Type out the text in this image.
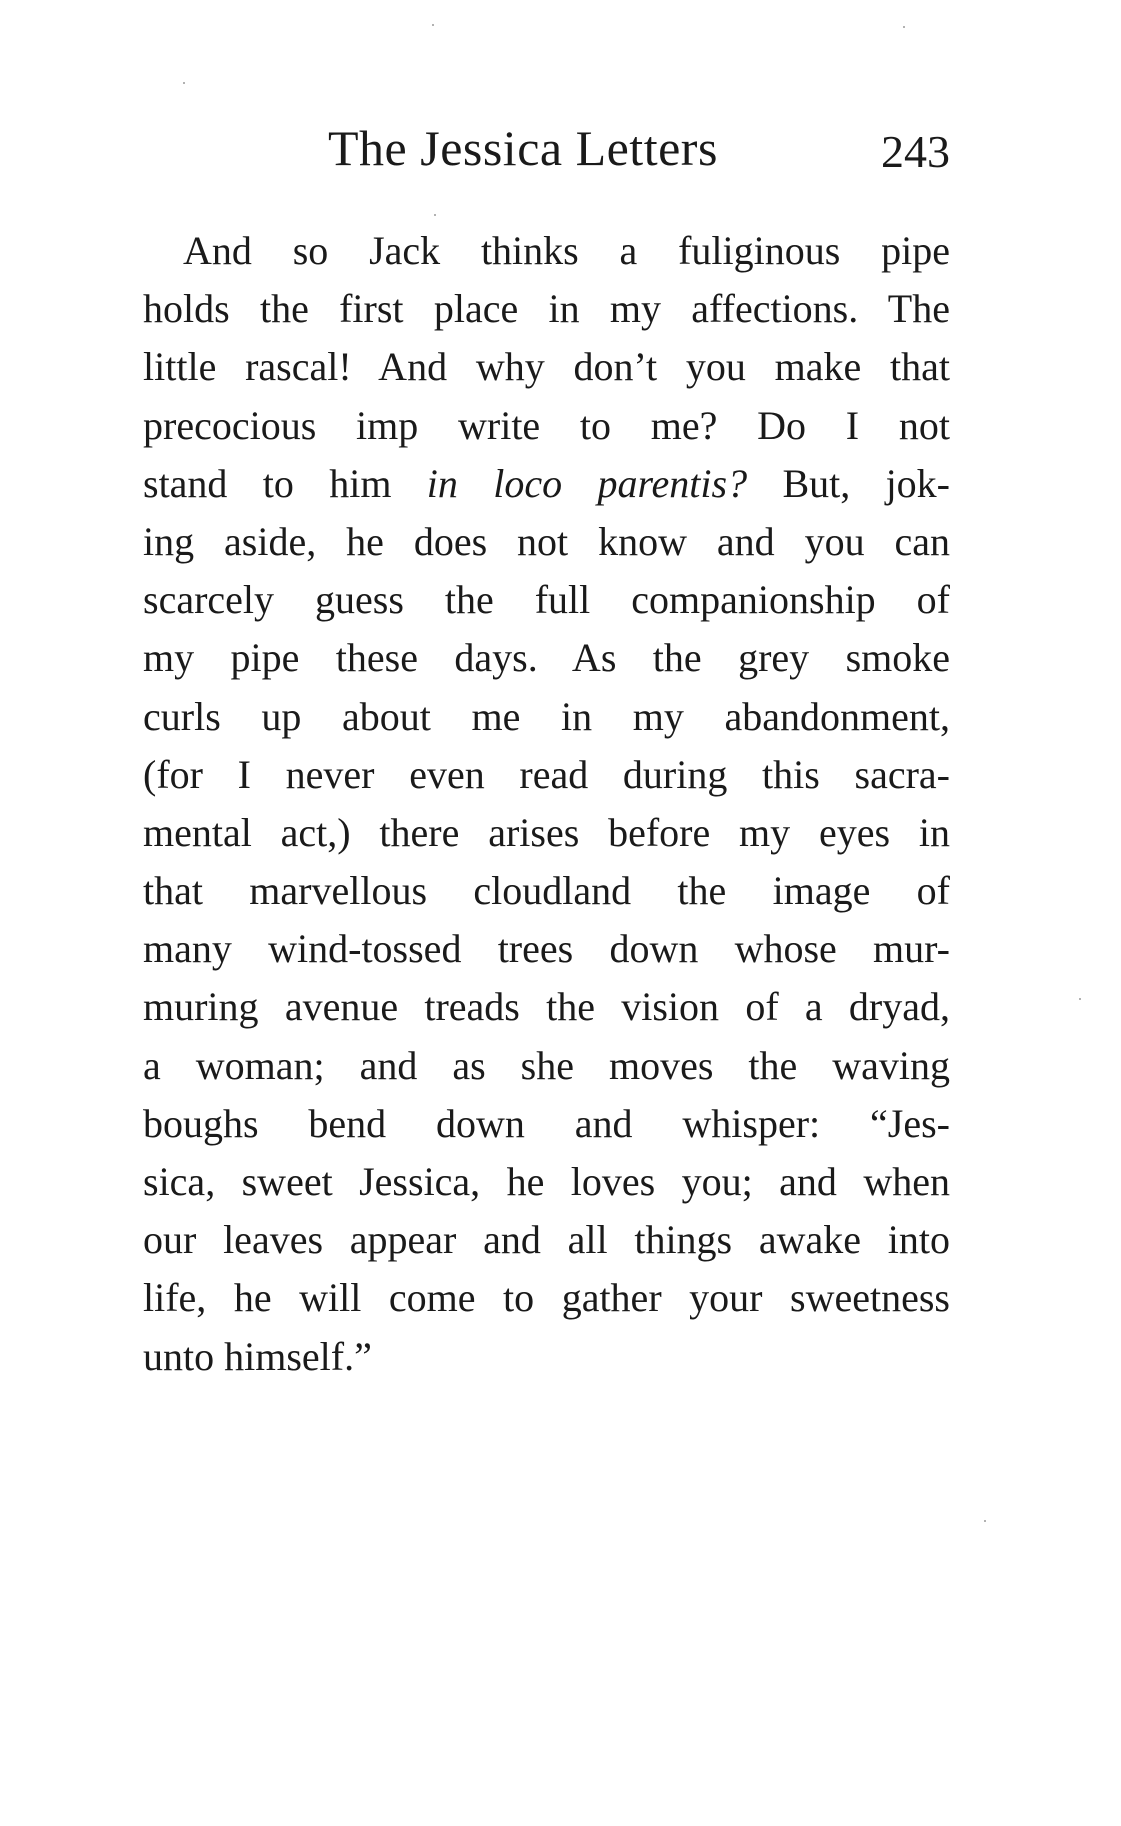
The Jessica Letters	243
And so Jack thinks a fuliginous pipe
holds the first place in my affections. The
little rascal! And why don’t you make that
precocious imp write to me? Do I not
stand to him in loco parentis? But, jok-
ing aside, he does not know and you can
scarcely guess the full companionship of
my pipe these days. As the grey smoke
curls up about me in my abandonment,
(for I never even read during this sacra-
mental act,) there arises before my eyes in
that marvellous cloudland the image of
many wind-tossed trees down whose mur-
muring avenue treads the vision of a dryad,
a woman; and as she moves the waving
boughs bend down and whisper: “Jes-
sica, sweet Jessica, he loves you; and when
our leaves appear and all things awake into
life, he will come to gather your sweetness
unto himself.”
